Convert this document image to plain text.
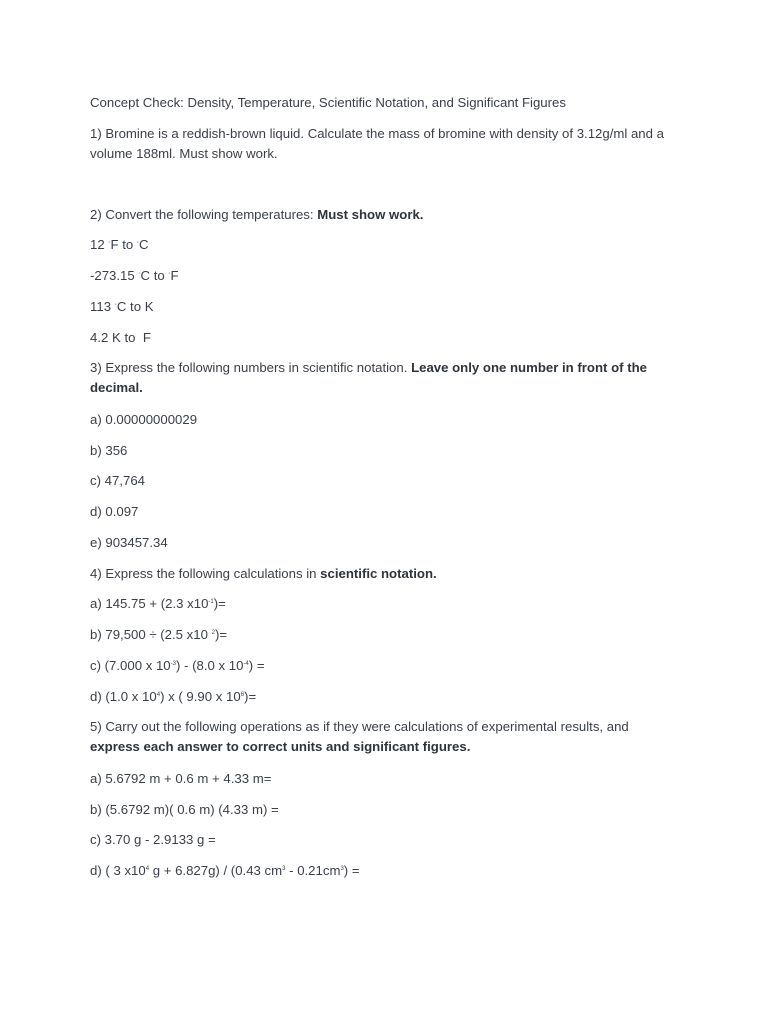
Concept Check: Density, Temperature, Scientific Notation, and Significant Figures
1) Bromine is a reddish-brown liquid. Calculate the mass of bromine with density of 3.12g/ml and a volume 188ml. Must show work.
2) Convert the following temperatures: Must show work.
12 ◦F to ◦C
-273.15 ◦C to ◦F
113 ◦C to K
4.2 K to  F
3) Express the following numbers in scientific notation. Leave only one number in front of the decimal.
a) 0.00000000029
b) 356
c) 47,764
d) 0.097
e) 903457.34
4) Express the following calculations in scientific notation.
a) 145.75 + (2.3 $x10^{-1})=$
b) 79,500 ÷ (2.5 x10 $^2$)=
c) (7.000 x $10^{-3}) - (8.0$ x $10^{-4}$) =
d) (1.0 x $10^4$) x ( 9.90 x $10^6)=$
5) Carry out the following operations as if they were calculations of experimental results, and express each answer to correct units and significant figures.
a) 5.6792 m + 0.6 m + 4.33 m=
b) (5.6792 m)( 0.6 m) (4.33 m) =
c) 3.70 g - 2.9133 g =
d) ( 3 $x10^4$ g + 6.827g) / (0.43 $cm^3 - 0.21cm^3$) =
